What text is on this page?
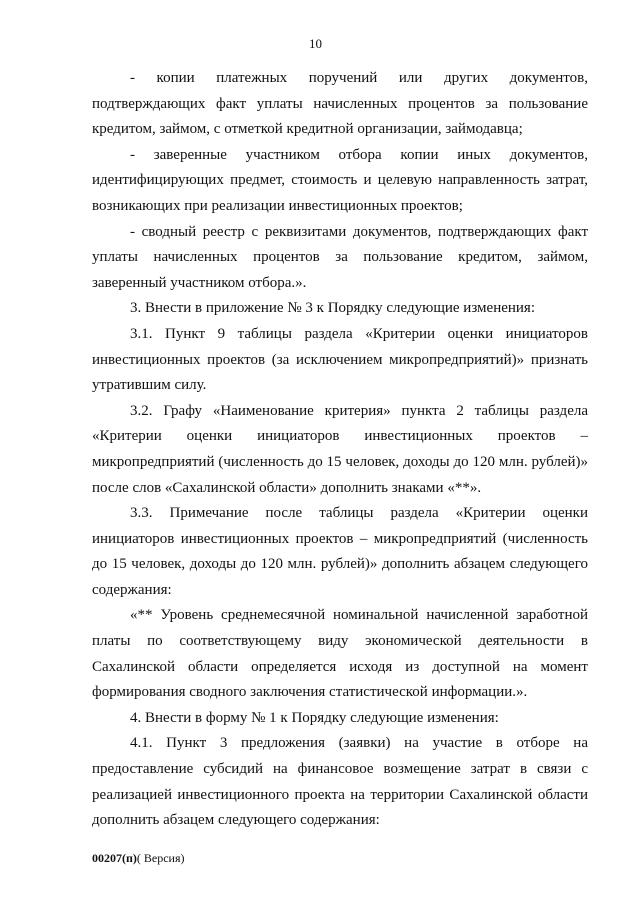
10

- копии платежных поручений или других документов, подтверждающих факт уплаты начисленных процентов за пользование кредитом, займом, с отметкой кредитной организации, займодавца;

- заверенные участником отбора копии иных документов, идентифицирующих предмет, стоимость и целевую направленность затрат, возникающих при реализации инвестиционных проектов;

- сводный реестр с реквизитами документов, подтверждающих факт уплаты начисленных процентов за пользование кредитом, займом, заверенный участником отбора.».

3. Внести в приложение № 3 к Порядку следующие изменения:

3.1. Пункт 9 таблицы раздела «Критерии оценки инициаторов инвестиционных проектов (за исключением микропредприятий)» признать утратившим силу.

3.2. Графу «Наименование критерия» пункта 2 таблицы раздела «Критерии оценки инициаторов инвестиционных проектов – микропредприятий (численность до 15 человек, доходы до 120 млн. рублей)» после слов «Сахалинской области» дополнить знаками «**».

3.3. Примечание после таблицы раздела «Критерии оценки инициаторов инвестиционных проектов – микропредприятий (численность до 15 человек, доходы до 120 млн. рублей)» дополнить абзацем следующего содержания:

«** Уровень среднемесячной номинальной начисленной заработной платы по соответствующему виду экономической деятельности в Сахалинской области определяется исходя из доступной на момент формирования сводного заключения статистической информации.».

4. Внести в форму № 1 к Порядку следующие изменения:

4.1. Пункт 3 предложения (заявки) на участие в отборе на предоставление субсидий на финансовое возмещение затрат в связи с реализацией инвестиционного проекта на территории Сахалинской области дополнить абзацем следующего содержания:

00207(п)( Версия)
